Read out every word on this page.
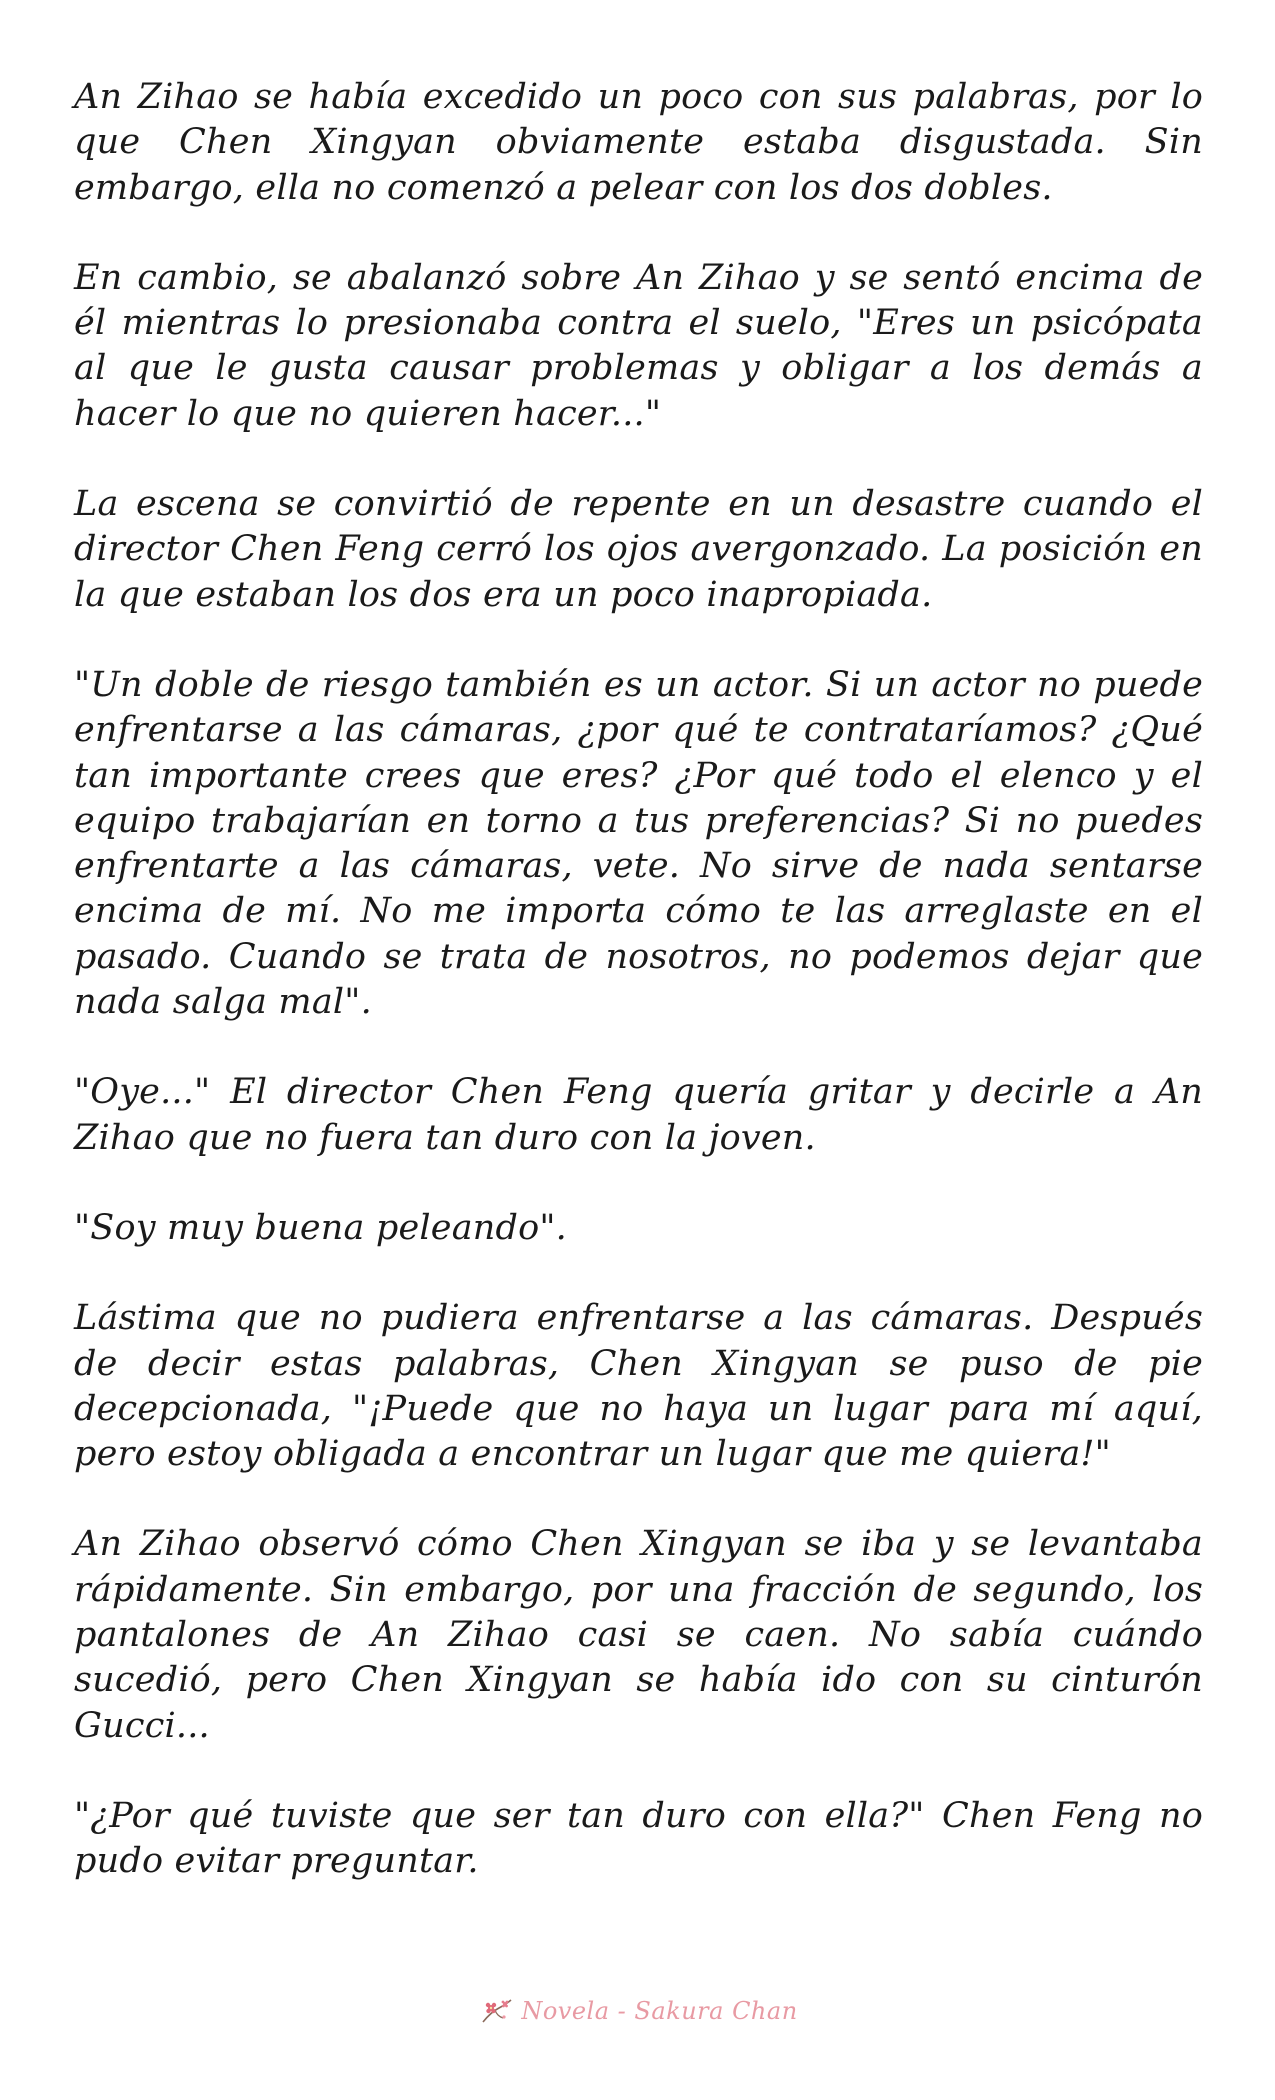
An Zihao se había excedido un poco con sus palabras, por lo que Chen Xingyan obviamente estaba disgustada. Sin embargo, ella no comenzó a pelear con los dos dobles.

En cambio, se abalanzó sobre An Zihao y se sentó encima de él mientras lo presionaba contra el suelo, "Eres un psicópata al que le gusta causar problemas y obligar a los demás a hacer lo que no quieren hacer..."

La escena se convirtió de repente en un desastre cuando el director Chen Feng cerró los ojos avergonzado. La posición en la que estaban los dos era un poco inapropiada.

"Un doble de riesgo también es un actor. Si un actor no puede enfrentarse a las cámaras, ¿por qué te contrataríamos? ¿Qué tan importante crees que eres? ¿Por qué todo el elenco y el equipo trabajarían en torno a tus preferencias? Si no puedes enfrentarte a las cámaras, vete. No sirve de nada sentarse encima de mí. No me importa cómo te las arreglaste en el pasado. Cuando se trata de nosotros, no podemos dejar que nada salga mal".

"Oye..." El director Chen Feng quería gritar y decirle a An Zihao que no fuera tan duro con la joven.

"Soy muy buena peleando".

Lástima que no pudiera enfrentarse a las cámaras. Después de decir estas palabras, Chen Xingyan se puso de pie decepcionada, "¡Puede que no haya un lugar para mí aquí, pero estoy obligada a encontrar un lugar que me quiera!"

An Zihao observó cómo Chen Xingyan se iba y se levantaba rápidamente. Sin embargo, por una fracción de segundo, los pantalones de An Zihao casi se caen. No sabía cuándo sucedió, pero Chen Xingyan se había ido con su cinturón Gucci...

"¿Por qué tuviste que ser tan duro con ella?" Chen Feng no pudo evitar preguntar.

Novela - Sakura Chan
